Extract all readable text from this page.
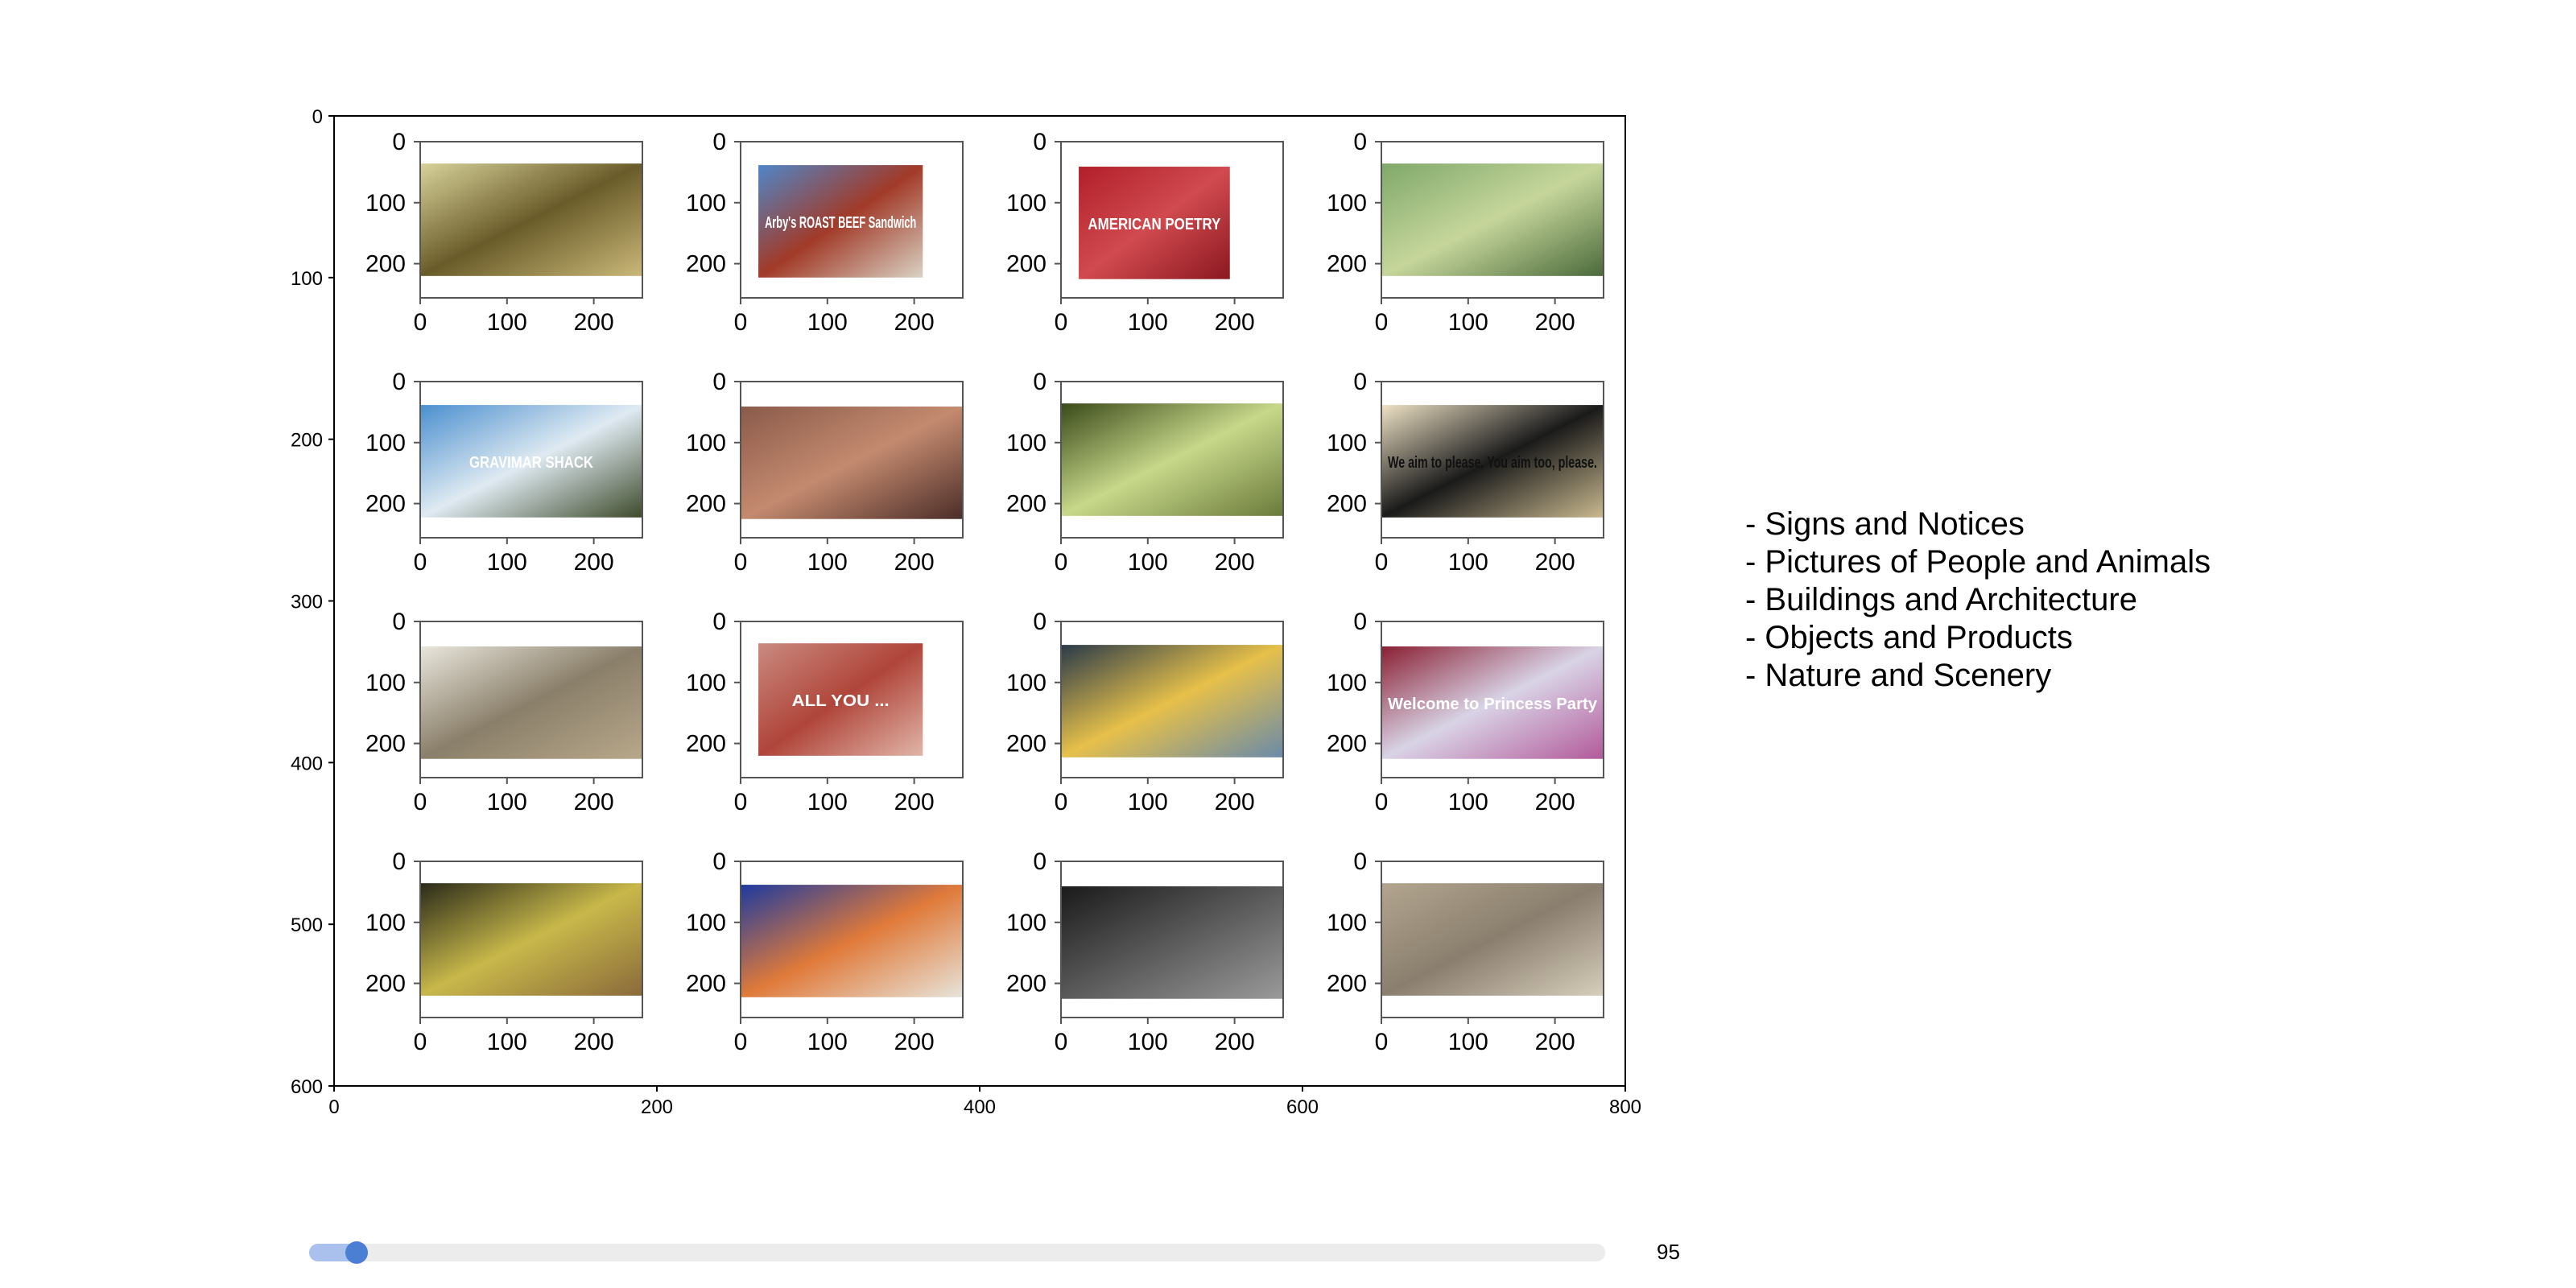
0	200	400	600	800
0
100
200
300
400
500
600
0 100 200
0
100
200
Arby's ROAST BEEF Sandwich
0 100 200
0
100
200
AMERICAN POETRY
0 100 200
0
100
200
0 100 200
0
100
200
GRAVIMAR SHACK
0 100 200
0
100
200
0 100 200
0
100
200
0 100 200
0
100
200
We aim to please. You aim too, please.
0 100 200
0
100
200
0 100 200
0
100
200
ALL YOU ...
0 100 200
0
100
200
0 100 200
0
100
200
Welcome to Princess Party
0 100 200
0
100
200
0 100 200
0
100
200
0 100 200
0
100
200
0 100 200
0
100
200
0 100 200
0
100
200
- Signs and Notices
- Pictures of People and Animals
- Buildings and Architecture
- Objects and Products
- Nature and Scenery
95
